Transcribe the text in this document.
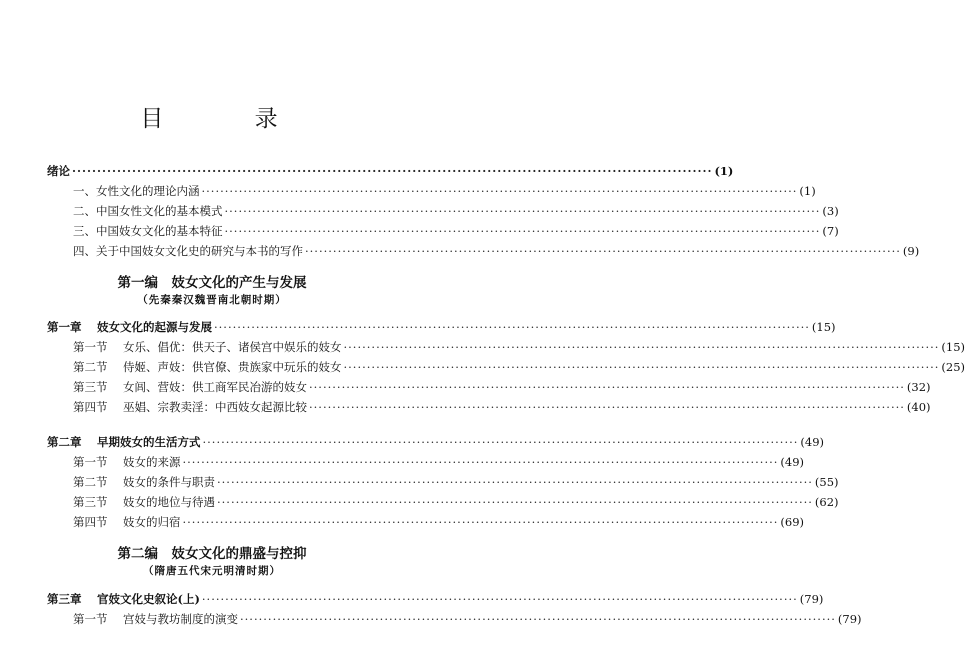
目 录
绪论 ································································································································ (1)
一、女性文化的理论内涵 ································································································································ (1)
二、中国女性文化的基本模式 ································································································································ (3)
三、中国妓女文化的基本特征 ································································································································ (7)
四、关于中国妓女文化史的研究与本书的写作 ································································································································ (9)
第一编　妓女文化的产生与发展
（先秦秦汉魏晋南北朝时期）
第一章 妓女文化的起源与发展 ································································································································ (15)
第一节 女乐、倡优：供天子、诸侯宫中娱乐的妓女 ································································································································ (15)
第二节 侍姬、声妓：供官僚、贵族家中玩乐的妓女 ································································································································ (25)
第三节 女闾、营妓：供工商军民冶游的妓女 ································································································································ (32)
第四节 巫娼、宗教卖淫：中西妓女起源比较 ································································································································ (40)
第二章 早期妓女的生活方式 ································································································································ (49)
第一节 妓女的来源 ································································································································ (49)
第二节 妓女的条件与职责 ································································································································ (55)
第三节 妓女的地位与待遇 ································································································································ (62)
第四节 妓女的归宿 ································································································································ (69)
第二编　妓女文化的鼎盛与控抑
（隋唐五代宋元明清时期）
第三章 官妓文化史叙论(上) ································································································································ (79)
第一节 宫妓与教坊制度的演变 ································································································································ (79)
